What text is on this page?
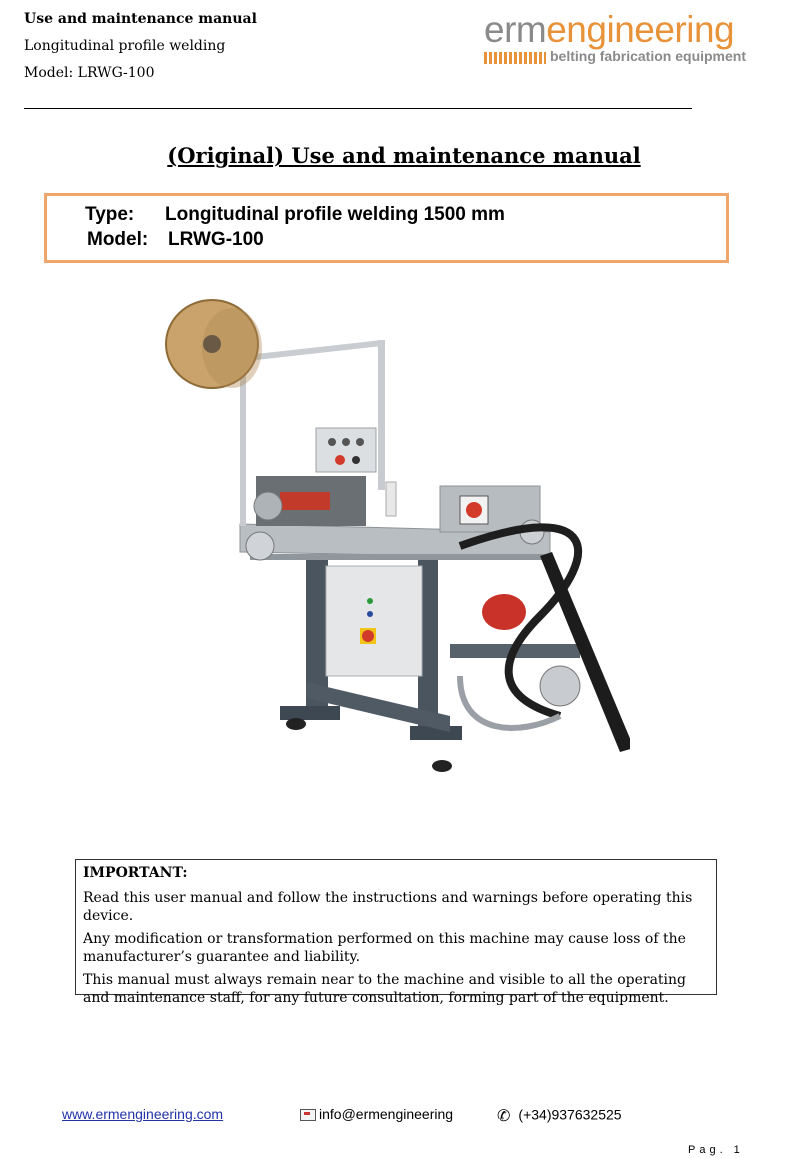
Use and maintenance manual
Longitudinal profile welding
Model: LRWG-100
ermengineering
belting fabrication equipment
(Original) Use and maintenance manual
Type: Longitudinal profile welding 1500 mm
Model: LRWG-100
IMPORTANT:

Read this user manual and follow the instructions and warnings before operating this device.

Any modification or transformation performed on this machine may cause loss of the manufacturer’s guarantee and liability.

This manual must always remain near to the machine and visible to all the operating and maintenance staff, for any future consultation, forming part of the equipment.

www.ermengineering.com	info@ermengineering	✆ (+34)937632525
Pag. 1
